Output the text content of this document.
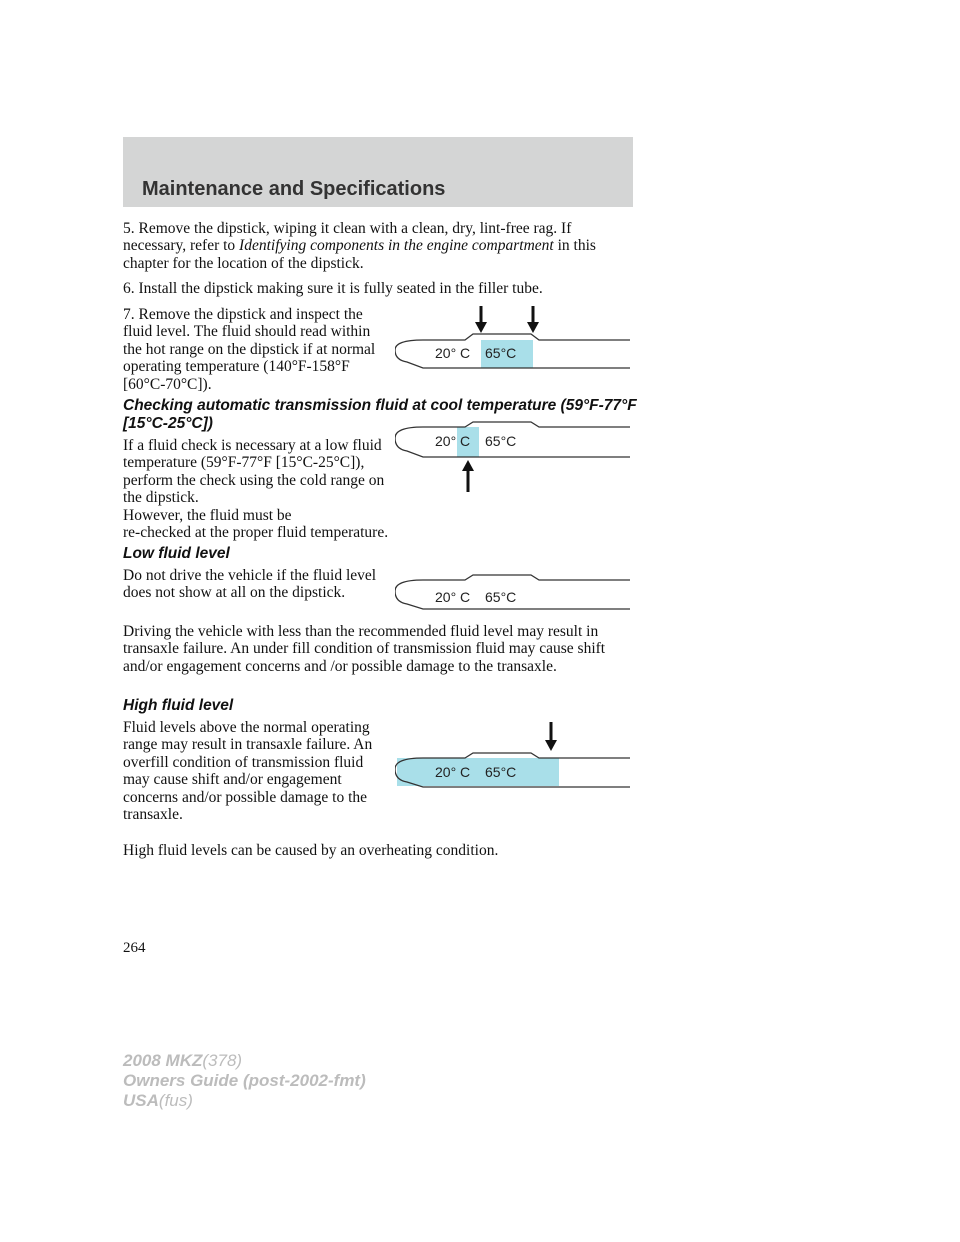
Maintenance and Specifications

5. Remove the dipstick, wiping it clean with a clean, dry, lint-free rag. If necessary, refer to Identifying components in the engine compartment in this chapter for the location of the dipstick.

6. Install the dipstick making sure it is fully seated in the filler tube.

7. Remove the dipstick and inspect the fluid level. The fluid should read within the hot range on the dipstick if at normal operating temperature (140°F-158°F [60°C-70°C]).

20° C 65°C

Checking automatic transmission fluid at cool temperature (59°F-77°F [15°C-25°C])

If a fluid check is necessary at a low fluid temperature (59°F-77°F [15°C-25°C]), perform the check using the cold range on the dipstick.

However, the fluid must be
re-checked at the proper fluid temperature.

20° C 65°C

Low fluid level

Do not drive the vehicle if the fluid level does not show at all on the dipstick.	20° C 65°C

Driving the vehicle with less than the recommended fluid level may result in transaxle failure. An under fill condition of transmission fluid may cause shift and/or engagement concerns and /or possible damage to the transaxle.

High fluid level

Fluid levels above the normal operating range may result in transaxle failure. An overfill condition of transmission fluid may cause shift and/or engagement concerns and/or possible damage to the transaxle.

20° C 65°C

High fluid levels can be caused by an overheating condition.

264
2008 MKZ(378)
Owners Guide (post-2002-fmt)
USA(fus)
